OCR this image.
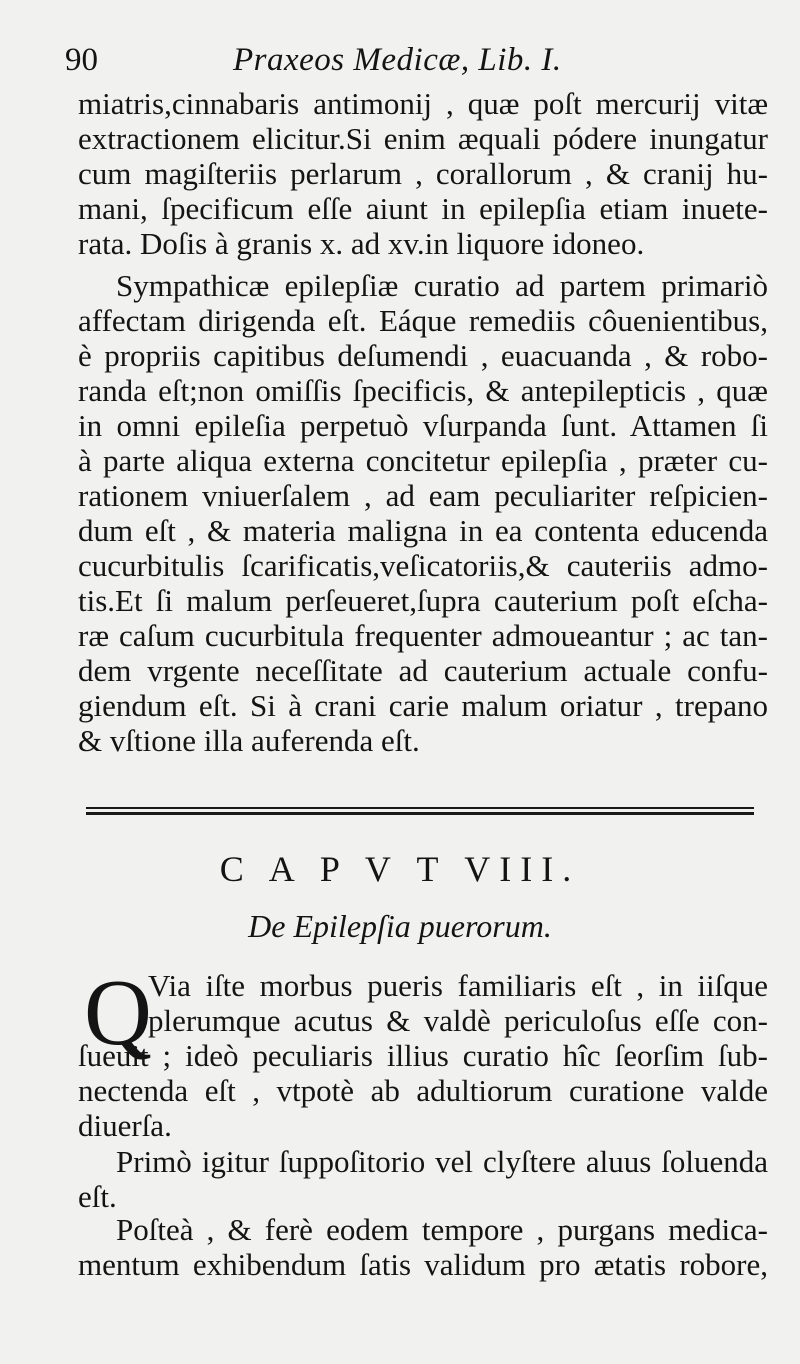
90	Praxeos Medicæ, Lib. I.
miatris,cinnabaris antimonij , quæ poſt mercurij vitæ
extractionem elicitur.Si enim æquali pódere inungatur
cum magiſteriis perlarum , corallorum , & cranij hu-
mani, ſpecificum eſſe aiunt in epilepſia etiam inuete-
rata. Doſis à granis x. ad xv.in liquore idoneo.
Sympathicæ epilepſiæ curatio ad partem primariò
affectam dirigenda eſt. Eáque remediis côuenientibus,
è propriis capitibus deſumendi , euacuanda , & robo-
randa eſt;non omiſſis ſpecificis, & antepilepticis , quæ
in omni epileſia perpetuò vſurpanda ſunt. Attamen ſi
à parte aliqua externa concitetur epilepſia , præter cu-
rationem vniuerſalem , ad eam peculiariter reſpicien-
dum eſt , & materia maligna in ea contenta educenda
cucurbitulis ſcarificatis,veſicatoriis,& cauteriis admo-
tis.Et ſi malum perſeueret,ſupra cauterium poſt eſcha-
ræ caſum cucurbitula frequenter admoueantur ; ac tan-
dem vrgente neceſſitate ad cauterium actuale confu-
giendum eſt. Si à crani carie malum oriatur , trepano
& vſtione illa auferenda eſt.
C A P V T VIII.
De Epilepſia puerorum.
Q
Via iſte morbus pueris familiaris eſt , in iiſque
plerumque acutus & valdè periculoſus eſſe con-
ſueuit ; ideò peculiaris illius curatio hîc ſeorſim ſub-
nectenda eſt , vtpotè ab adultiorum curatione valde
diuerſa.
Primò igitur ſuppoſitorio vel clyſtere aluus ſoluenda
eſt.
Poſteà , & ferè eodem tempore , purgans medica-
mentum exhibendum ſatis validum pro ætatis robore,
